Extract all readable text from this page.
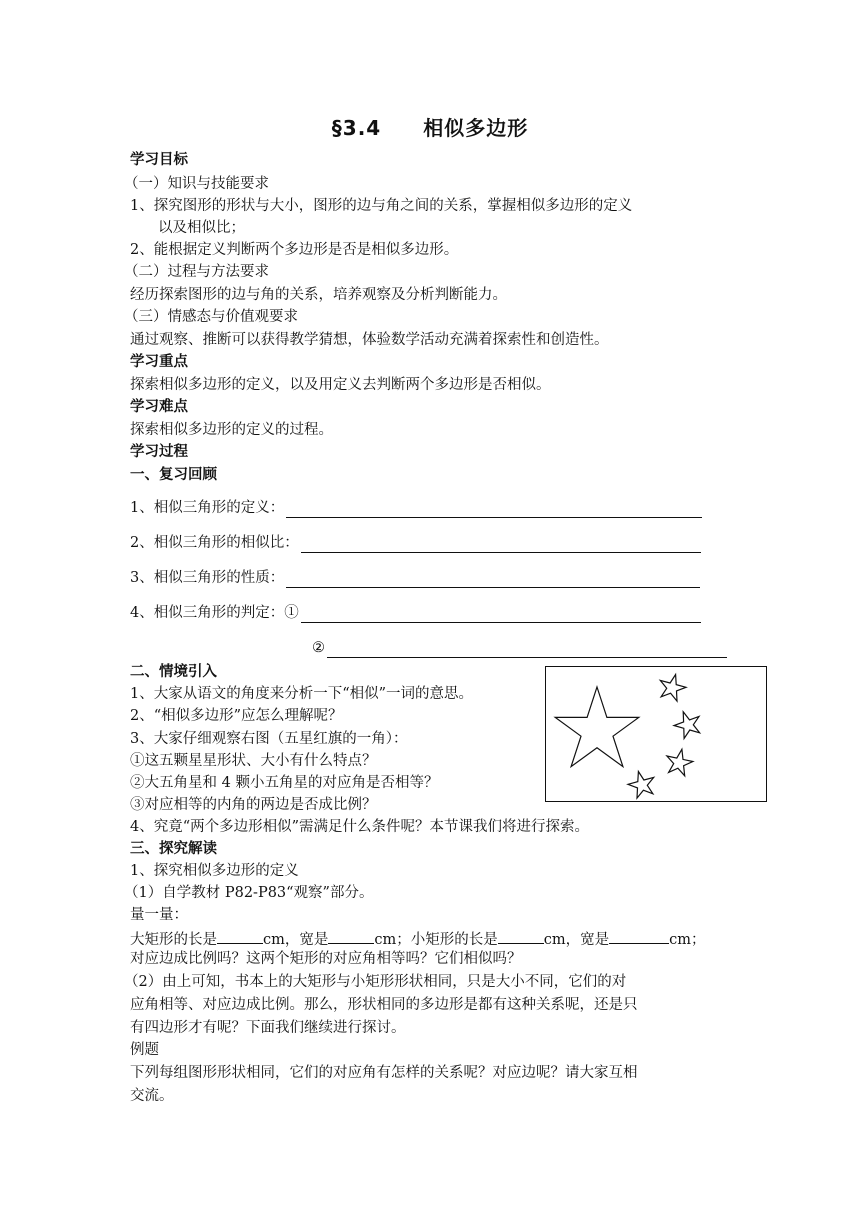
§3.4　　相似多边形
学习目标
（一）知识与技能要求
1、探究图形的形状与大小，图形的边与角之间的关系，掌握相似多边形的定义
以及相似比；
2、能根据定义判断两个多边形是否是相似多边形。
（二）过程与方法要求
经历探索图形的边与角的关系，培养观察及分析判断能力。
（三）情感态与价值观要求
通过观察、推断可以获得教学猜想，体验数学活动充满着探索性和创造性。
学习重点
探索相似多边形的定义，以及用定义去判断两个多边形是否相似。
学习难点
探索相似多边形的定义的过程。
学习过程
一、复习回顾
1、相似三角形的定义：
2、相似三角形的相似比：
3、相似三角形的性质：
4、相似三角形的判定：①
②
二、情境引入
1、大家从语文的角度来分析一下“相似”一词的意思。
2、“相似多边形”应怎么理解呢？
3、大家仔细观察右图（五星红旗的一角）：
①这五颗星星形状、大小有什么特点？
②大五角星和 4 颗小五角星的对应角是否相等？
③对应相等的内角的两边是否成比例？
4、究竟“两个多边形相似”需满足什么条件呢？本节课我们将进行探索。
三、探究解读
1、探究相似多边形的定义
（1）自学教材 P82-P83“观察”部分。
量一量：
大矩形的长是	cm，宽是	cm；小矩形的长是	cm，宽是	cm；
对应边成比例吗？这两个矩形的对应角相等吗？它们相似吗？
（2）由上可知，书本上的大矩形与小矩形形状相同，只是大小不同，它们的对
应角相等、对应边成比例。那么，形状相同的多边形是都有这种关系呢，还是只
有四边形才有呢？下面我们继续进行探讨。
例题
下列每组图形形状相同，它们的对应角有怎样的关系呢？对应边呢？请大家互相
交流。
